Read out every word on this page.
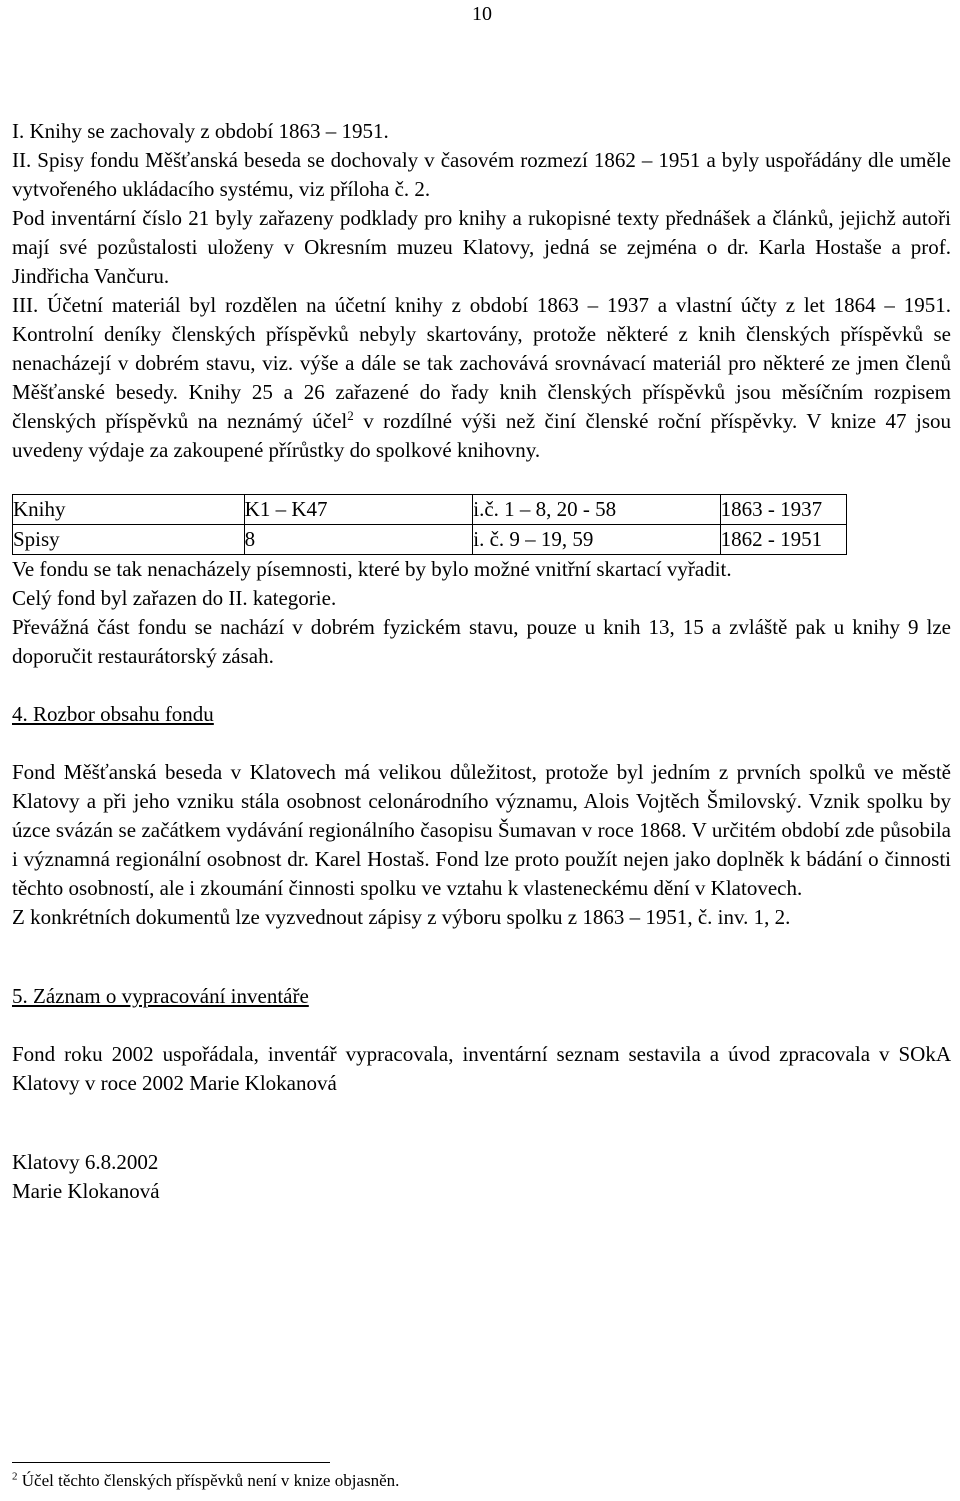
10

I. Knihy se zachovaly z období 1863 – 1951.

II. Spisy fondu Měšťanská beseda se dochovaly v časovém rozmezí 1862 – 1951 a byly uspořádány dle uměle vytvořeného ukládacího systému, viz příloha č. 2.

Pod inventární číslo 21 byly zařazeny podklady pro knihy a rukopisné texty přednášek a článků, jejichž autoři mají své pozůstalosti uloženy v Okresním muzeu Klatovy, jedná se zejména o dr. Karla Hostaše a prof. Jindřicha Vančuru.

III. Účetní materiál byl rozdělen na účetní knihy z období 1863 – 1937 a vlastní účty z let 1864 – 1951. Kontrolní deníky členských příspěvků nebyly skartovány, protože některé z knih členských příspěvků se nenacházejí v dobrém stavu, viz. výše a dále se tak zachovává srovnávací materiál pro některé ze jmen členů Měšťanské besedy. Knihy 25 a 26 zařazené do řady knih členských příspěvků jsou měsíčním rozpisem členských příspěvků na neznámý účel$^2$ v rozdílné výši než činí členské roční příspěvky. V knize 47 jsou uvedeny výdaje za zakoupené přírůstky do spolkové knihovny.

Knihy	K1 – K47	i.č. 1 – 8, 20 - 58	1863 - 1937
Spisy	8	i. č. 9 – 19, 59	1862 - 1951

Ve fondu se tak nenacházely písemnosti, které by bylo možné vnitřní skartací vyřadit.

Celý fond byl zařazen do II. kategorie.

Převážná část fondu se nachází v dobrém fyzickém stavu, pouze u knih 13, 15 a zvláště pak u knihy 9 lze doporučit restaurátorský zásah.

4. Rozbor obsahu fondu

Fond Měšťanská beseda v Klatovech má velikou důležitost, protože byl jedním z prvních spolků ve městě Klatovy a při jeho vzniku stála osobnost celonárodního významu, Alois Vojtěch Šmilovský. Vznik spolku by úzce svázán se začátkem vydávání regionálního časopisu Šumavan v roce 1868. V určitém období zde působila i významná regionální osobnost dr. Karel Hostaš. Fond lze proto použít nejen jako doplněk k bádání o činnosti těchto osobností, ale i zkoumání činnosti spolku ve vztahu k vlasteneckému dění v Klatovech.

Z konkrétních dokumentů lze vyzvednout zápisy z výboru spolku z 1863 – 1951, č. inv. 1, 2.

5. Záznam o vypracování inventáře

Fond roku 2002 uspořádala, inventář vypracovala, inventární seznam sestavila a úvod zpracovala v SOkA Klatovy v roce 2002 Marie Klokanová

Klatovy 6.8.2002

Marie Klokanová

$^2$ Účel těchto členských příspěvků není v knize objasněn.
